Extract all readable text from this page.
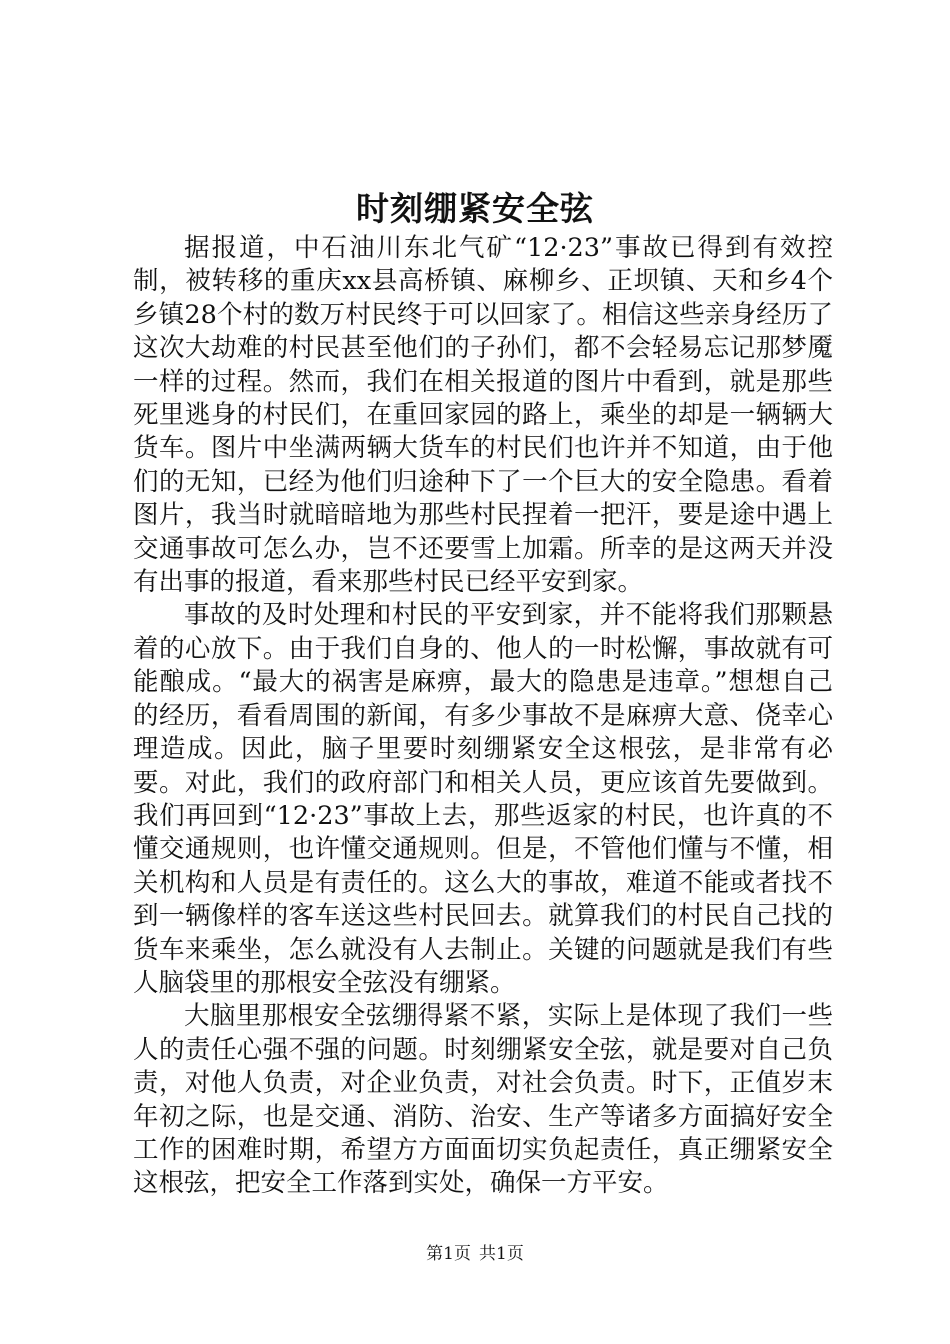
时刻绷紧安全弦

据报道，中石油川东北气矿“12·23”事故已得到有效控制，被转移的重庆xx县高桥镇、麻柳乡、正坝镇、天和乡4个乡镇28个村的数万村民终于可以回家了。相信这些亲身经历了这次大劫难的村民甚至他们的子孙们，都不会轻易忘记那梦魇一样的过程。然而，我们在相关报道的图片中看到，就是那些死里逃身的村民们，在重回家园的路上，乘坐的却是一辆辆大货车。图片中坐满两辆大货车的村民们也许并不知道，由于他们的无知，已经为他们归途种下了一个巨大的安全隐患。看着图片，我当时就暗暗地为那些村民捏着一把汗，要是途中遇上交通事故可怎么办，岂不还要雪上加霜。所幸的是这两天并没有出事的报道，看来那些村民已经平安到家。

事故的及时处理和村民的平安到家，并不能将我们那颗悬着的心放下。由于我们自身的、他人的一时松懈，事故就有可能酿成。“最大的祸害是麻痹，最大的隐患是违章。”想想自己的经历，看看周围的新闻，有多少事故不是麻痹大意、侥幸心理造成。因此，脑子里要时刻绷紧安全这根弦，是非常有必要。对此，我们的政府部门和相关人员，更应该首先要做到。我们再回到“12·23”事故上去，那些返家的村民，也许真的不懂交通规则，也许懂交通规则。但是，不管他们懂与不懂，相关机构和人员是有责任的。这么大的事故，难道不能或者找不到一辆像样的客车送这些村民回去。就算我们的村民自己找的货车来乘坐，怎么就没有人去制止。关键的问题就是我们有些人脑袋里的那根安全弦没有绷紧。

大脑里那根安全弦绷得紧不紧，实际上是体现了我们一些人的责任心强不强的问题。时刻绷紧安全弦，就是要对自己负责，对他人负责，对企业负责，对社会负责。时下，正值岁末年初之际，也是交通、消防、治安、生产等诸多方面搞好安全工作的困难时期，希望方方面面切实负起责任，真正绷紧安全这根弦，把安全工作落到实处，确保一方平安。

第1页 共1页
